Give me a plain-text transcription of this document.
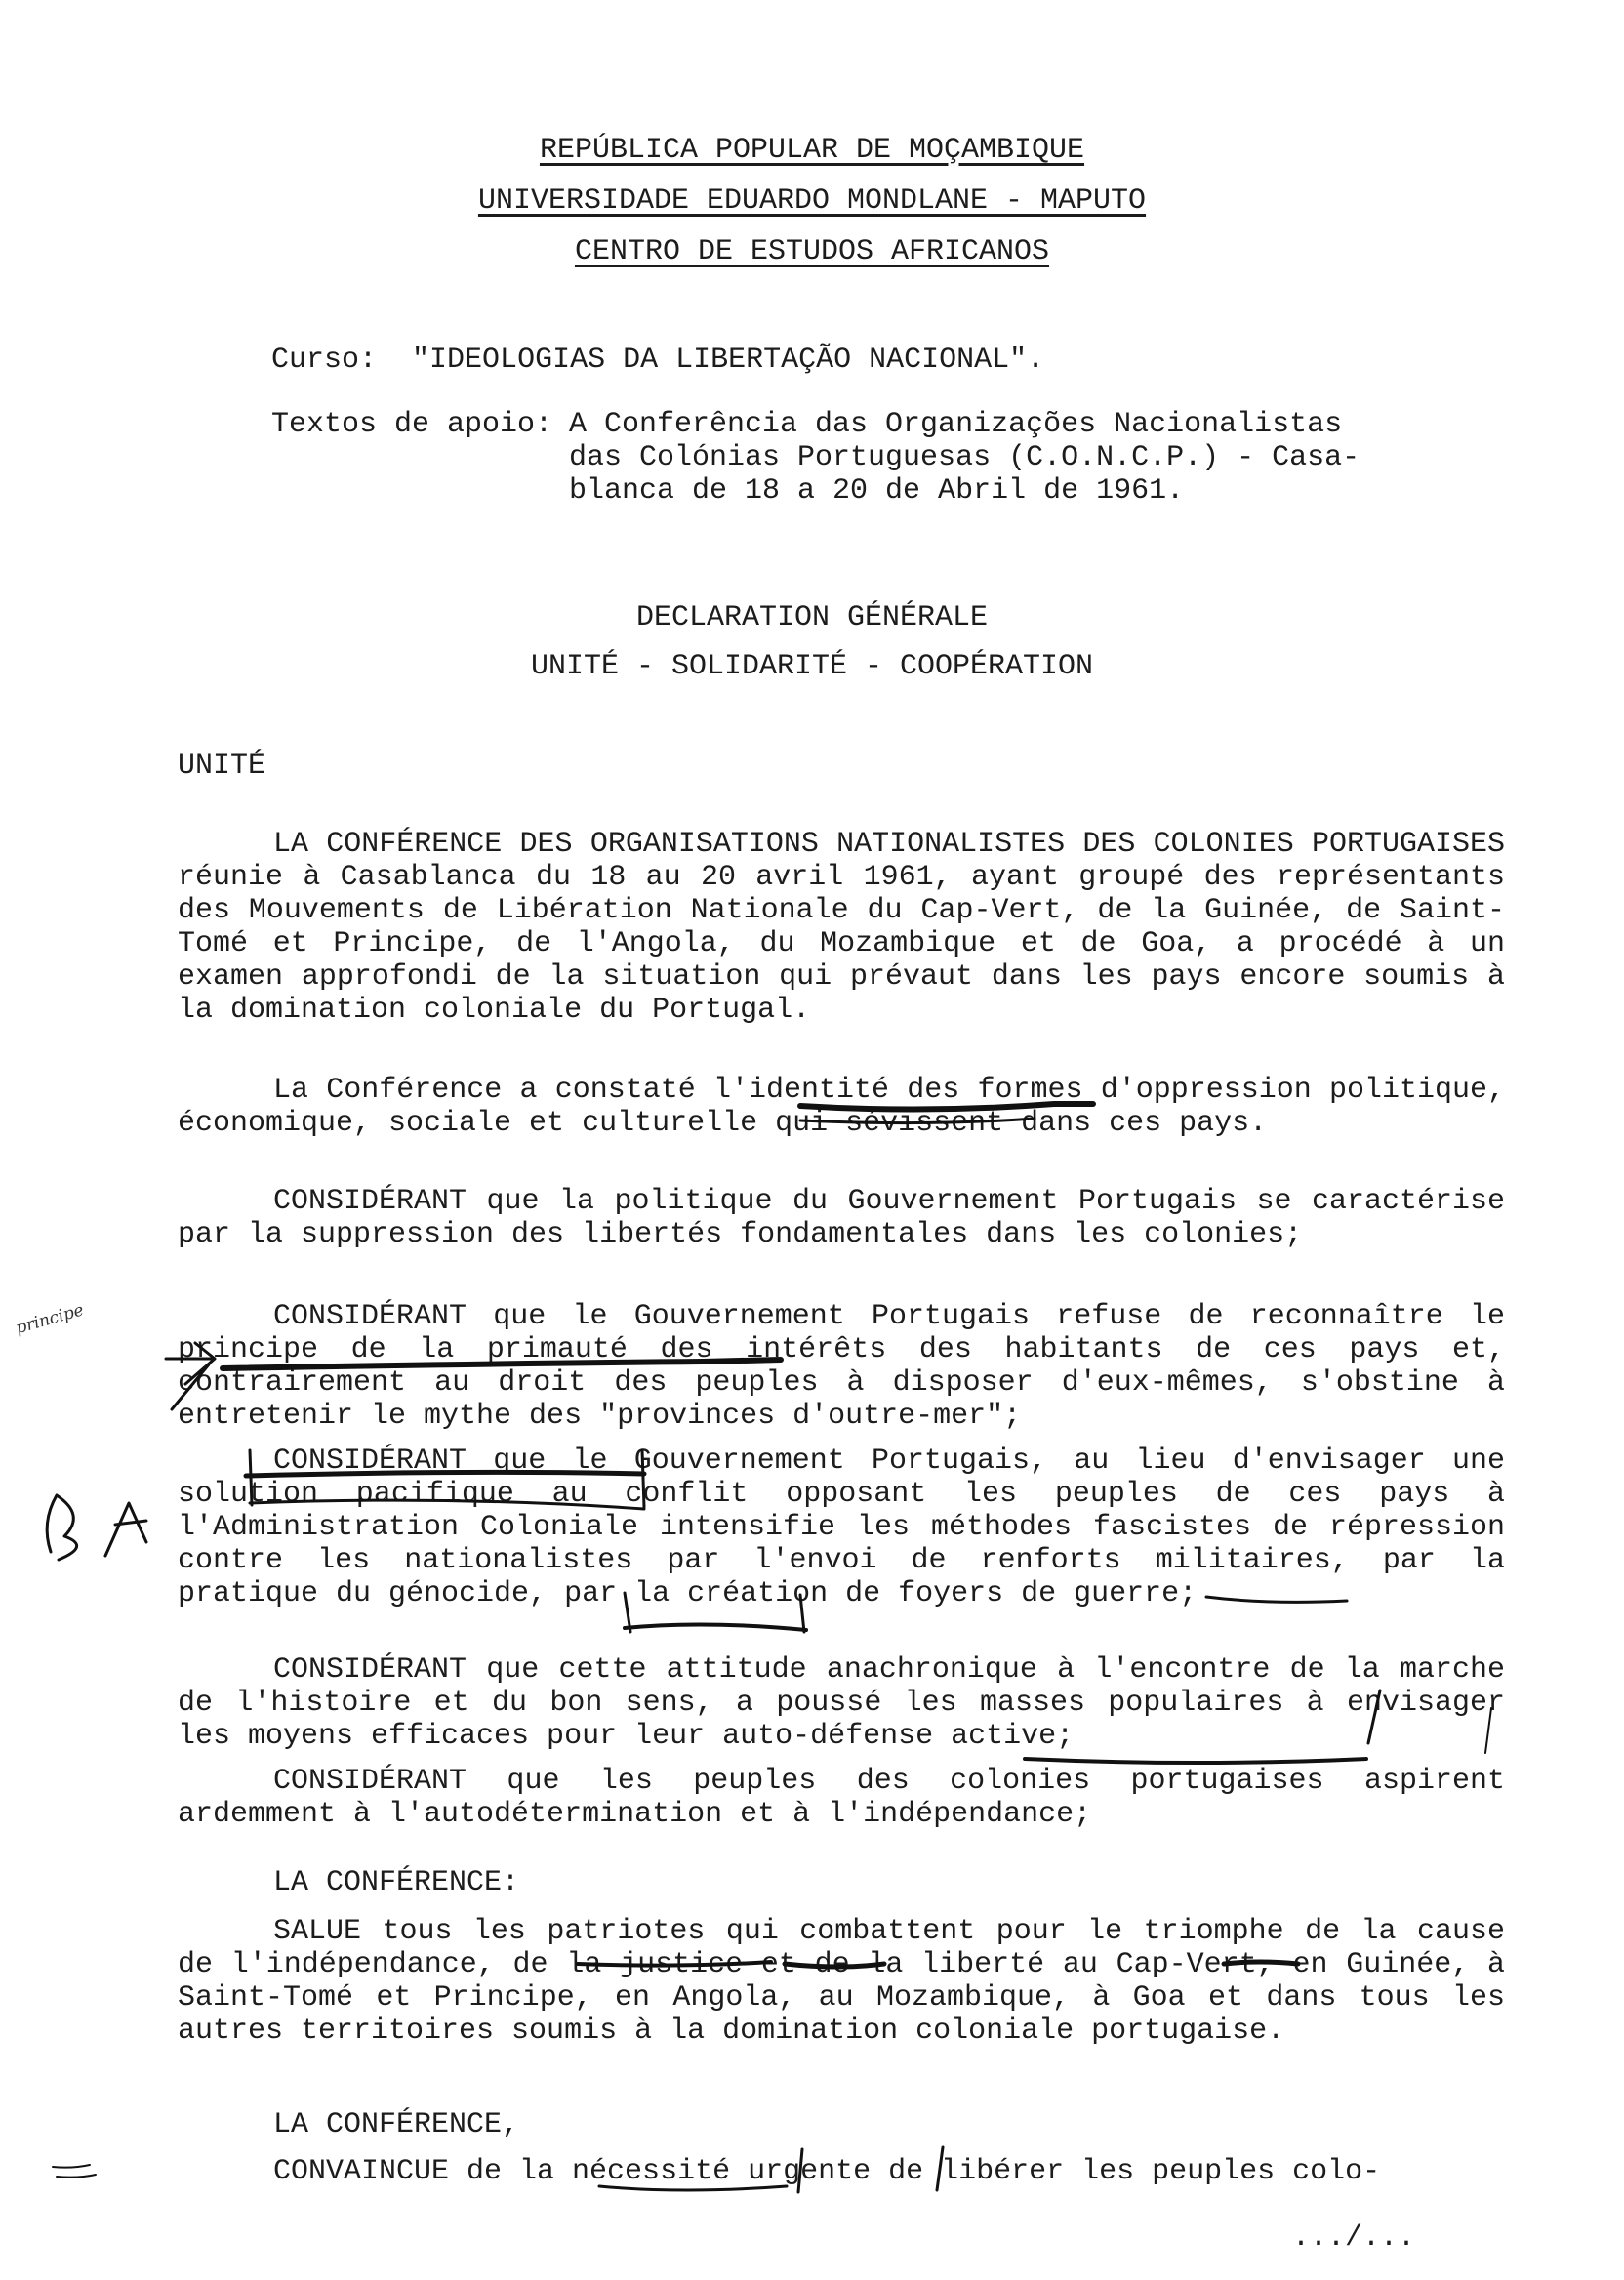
REPÚBLICA POPULAR DE MOÇAMBIQUE
UNIVERSIDADE EDUARDO MONDLANE - MAPUTO
CENTRO DE ESTUDOS AFRICANOS
Curso: "IDEOLOGIAS DA LIBERTAÇÃO NACIONAL".
Textos de apoio: A Conferência das Organizações Nacionalistas
das Colónias Portuguesas (C.O.N.C.P.) - Casa-
blanca de 18 a 20 de Abril de 1961.
DECLARATION GÉNÉRALE
UNITÉ - SOLIDARITÉ - COOPÉRATION
UNITÉ

LA CONFÉRENCE DES ORGANISATIONS NATIONALISTES DES COLONIES PORTUGAISES réunie à Casablanca du 18 au 20 avril 1961, ayant groupé des représentants des Mouvements de Libération Nationale du Cap-Vert, de la Guinée, de Saint-Tomé et Principe, de l'Angola, du Mozambique et de Goa, a procédé à un examen approfondi de la situation qui prévaut dans les pays encore soumis à la domination coloniale du Portugal.

La Conférence a constaté l'identité des formes d'oppression politique, économique, sociale et culturelle qui sévissent dans ces pays.

CONSIDÉRANT que la politique du Gouvernement Portugais se caractérise par la suppression des libertés fondamentales dans les colonies;

CONSIDÉRANT que le Gouvernement Portugais refuse de reconnaître le principe de la primauté des intérêts des habitants de ces pays et, contrairement au droit des peuples à disposer d'eux-mêmes, s'obstine à entretenir le mythe des "provinces d'outre-mer";

CONSIDÉRANT que le Gouvernement Portugais, au lieu d'envisager une solution pacifique au conflit opposant les peuples de ces pays à l'Administration Coloniale intensifie les méthodes fascistes de répression contre les nationalistes par l'envoi de renforts militaires, par la pratique du génocide, par la création de foyers de guerre;

CONSIDÉRANT que cette attitude anachronique à l'encontre de la marche de l'histoire et du bon sens, a poussé les masses populaires à envisager les moyens efficaces pour leur auto-défense active;

CONSIDÉRANT que les peuples des colonies portugaises aspirent ardemment à l'autodétermination et à l'indépendance;

LA CONFÉRENCE:

SALUE tous les patriotes qui combattent pour le triomphe de la cause de l'indépendance, de la justice et de la liberté au Cap-Vert, en Guinée, à Saint-Tomé et Principe, en Angola, au Mozambique, à Goa et dans tous les autres territoires soumis à la domination coloniale portugaise.

LA CONFÉRENCE,
CONVAINCUE de la nécessité urgente de libérer les peuples colo-
.../...
principe
